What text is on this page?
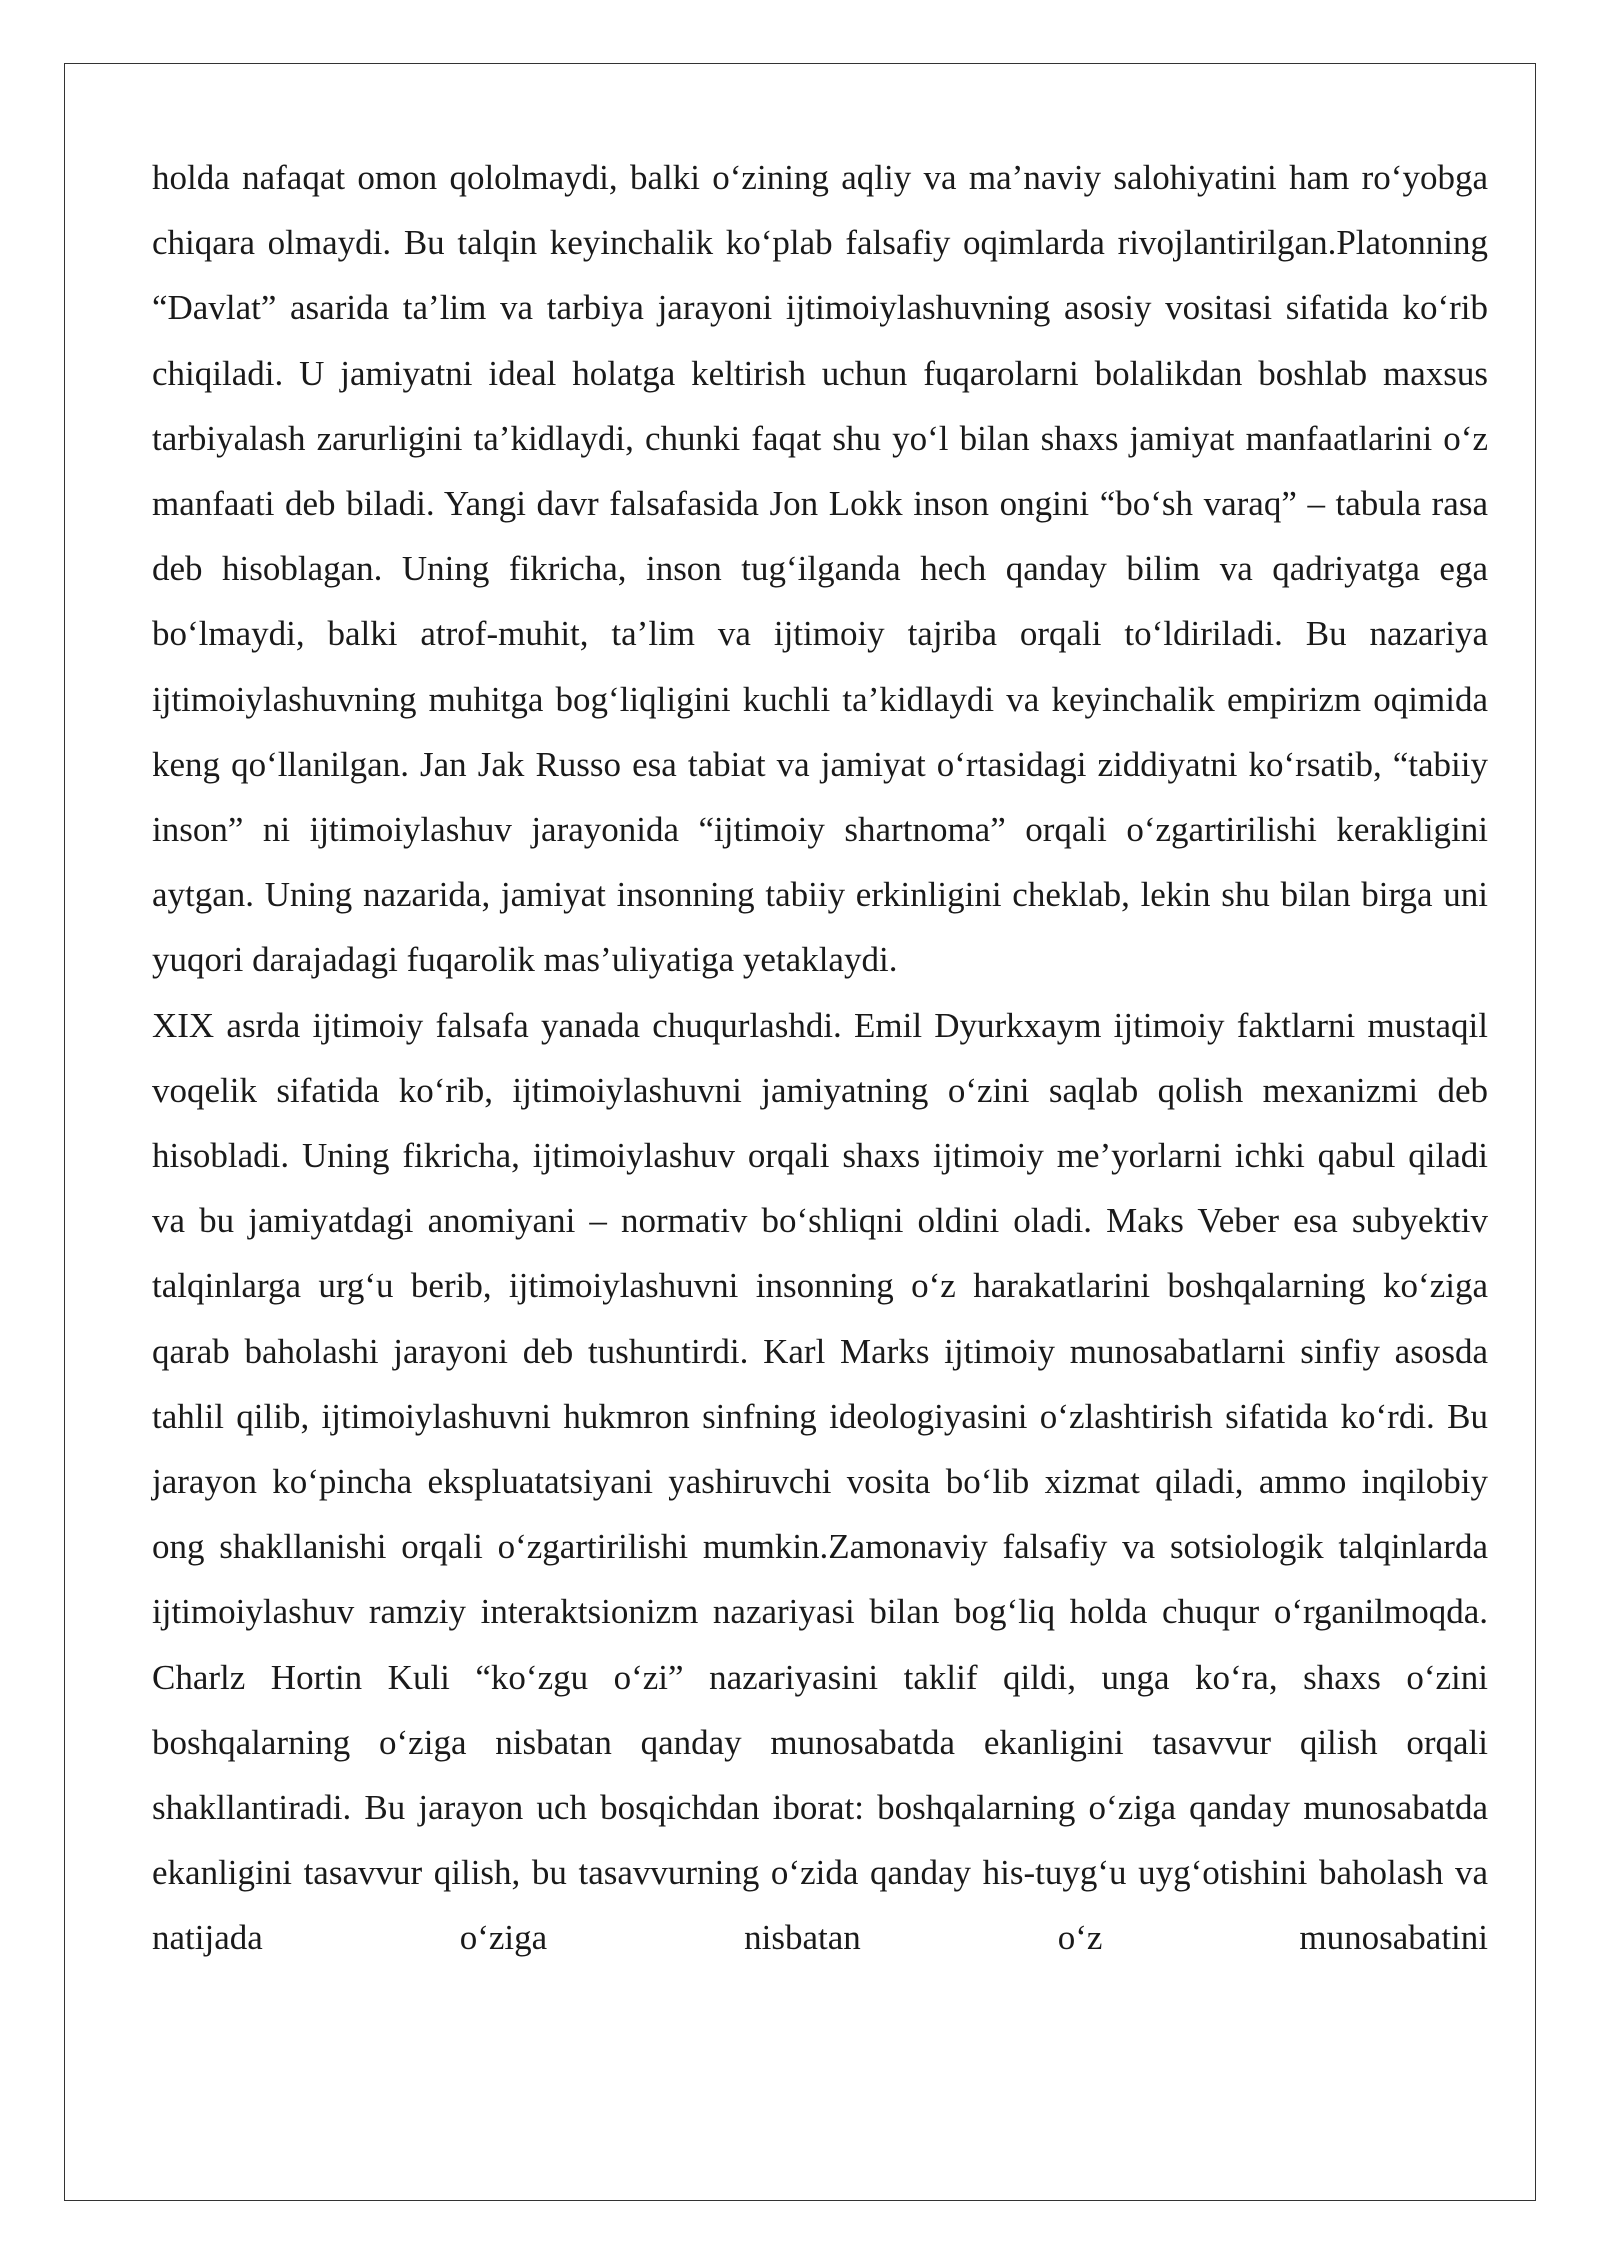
holda nafaqat omon qololmaydi, balki o‘zining aqliy va ma’naviy salohiyatini ham ro‘yobga chiqara olmaydi. Bu talqin keyinchalik ko‘plab falsafiy oqimlarda rivojlantirilgan.Platonning “Davlat” asarida ta’lim va tarbiya jarayoni ijtimoiylashuvning asosiy vositasi sifatida ko‘rib chiqiladi. U jamiyatni ideal holatga keltirish uchun fuqarolarni bolalikdan boshlab maxsus tarbiyalash zarurligini ta’kidlaydi, chunki faqat shu yo‘l bilan shaxs jamiyat manfaatlarini o‘z manfaati deb biladi. Yangi davr falsafasida Jon Lokk inson ongini “bo‘sh varaq” – tabula rasa deb hisoblagan. Uning fikricha, inson tug‘ilganda hech qanday bilim va qadriyatga ega bo‘lmaydi, balki atrof-muhit, ta’lim va ijtimoiy tajriba orqali to‘ldiriladi. Bu nazariya ijtimoiylashuvning muhitga bog‘liqligini kuchli ta’kidlaydi va keyinchalik empirizm oqimida keng qo‘llanilgan. Jan Jak Russo esa tabiat va jamiyat o‘rtasidagi ziddiyatni ko‘rsatib, “tabiiy inson” ni ijtimoiylashuv jarayonida “ijtimoiy shartnoma” orqali o‘zgartirilishi kerakligini aytgan. Uning nazarida, jamiyat insonning tabiiy erkinligini cheklab, lekin shu bilan birga uni yuqori darajadagi fuqarolik mas’uliyatiga yetaklaydi.

XIX asrda ijtimoiy falsafa yanada chuqurlashdi. Emil Dyurkxaym ijtimoiy faktlarni mustaqil voqelik sifatida ko‘rib, ijtimoiylashuvni jamiyatning o‘zini saqlab qolish mexanizmi deb hisobladi. Uning fikricha, ijtimoiylashuv orqali shaxs ijtimoiy me’yorlarni ichki qabul qiladi va bu jamiyatdagi anomiyani – normativ bo‘shliqni oldini oladi. Maks Veber esa subyektiv talqinlarga urg‘u berib, ijtimoiylashuvni insonning o‘z harakatlarini boshqalarning ko‘ziga qarab baholashi jarayoni deb tushuntirdi. Karl Marks ijtimoiy munosabatlarni sinfiy asosda tahlil qilib, ijtimoiylashuvni hukmron sinfning ideologiyasini o‘zlashtirish sifatida ko‘rdi. Bu jarayon ko‘pincha ekspluatatsiyani yashiruvchi vosita bo‘lib xizmat qiladi, ammo inqilobiy ong shakllanishi orqali o‘zgartirilishi mumkin.Zamonaviy falsafiy va sotsiologik talqinlarda ijtimoiylashuv ramziy interaktsionizm nazariyasi bilan bog‘liq holda chuqur o‘rganilmoqda. Charlz Hortin Kuli “ko‘zgu o‘zi” nazariyasini taklif qildi, unga ko‘ra, shaxs o‘zini boshqalarning o‘ziga nisbatan qanday munosabatda ekanligini tasavvur qilish orqali shakllantiradi. Bu jarayon uch bosqichdan iborat: boshqalarning o‘ziga qanday munosabatda ekanligini tasavvur qilish, bu tasavvurning o‘zida qanday his-tuyg‘u uyg‘otishini baholash va natijada o‘ziga nisbatan o‘z munosabatini
